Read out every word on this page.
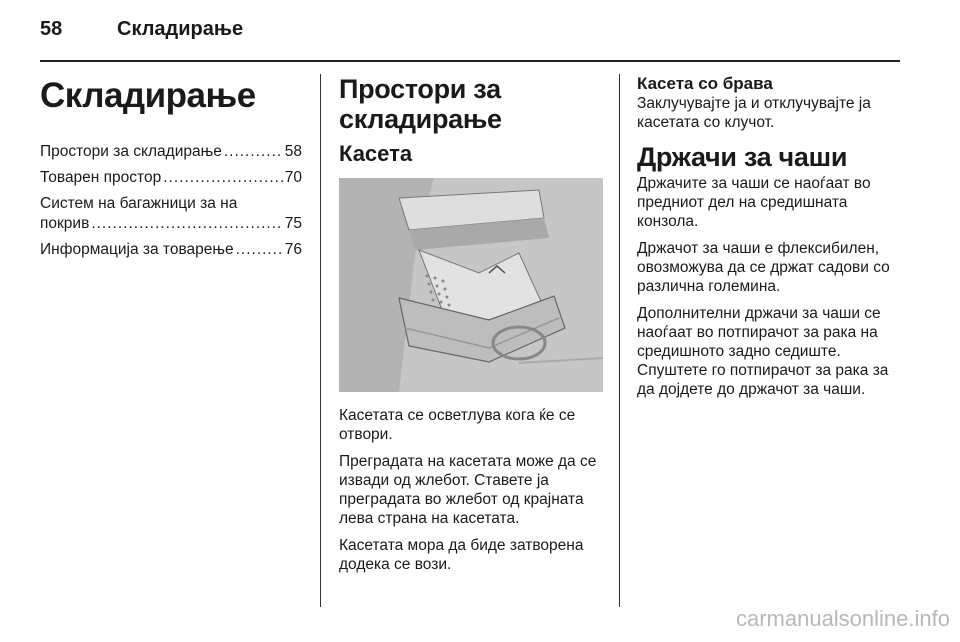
58	Складирање
Складирање
Простори за складирање .....	58
Товарен простор .....	70
Систем на багажници за на
покрив .....	75
Информација за товарење .....	76
Простори за
складирање
Касета

Касетата се осветлува кога ќе се отвори.

Преградата на касетата може да се извади од жлебот. Ставете ја преградата во жлебот од крајната лева страна на касетата.

Касетата мора да биде затворена додека се вози.

Касета со брава

Заклучувајте ја и отклучувајте ја касетата со клучот.

Држачи за чаши

Држачите за чаши се наоѓаат во предниот дел на средишната конзола.

Држачот за чаши е флексибилен, овозможува да се држат садови со различна големина.

Дополнителни држачи за чаши се наоѓаат во потпирачот за рака на средишното задно седиште. Спуштете го потпирачот за рака за да дојдете до држачот за чаши.

carmanualsonline.info
